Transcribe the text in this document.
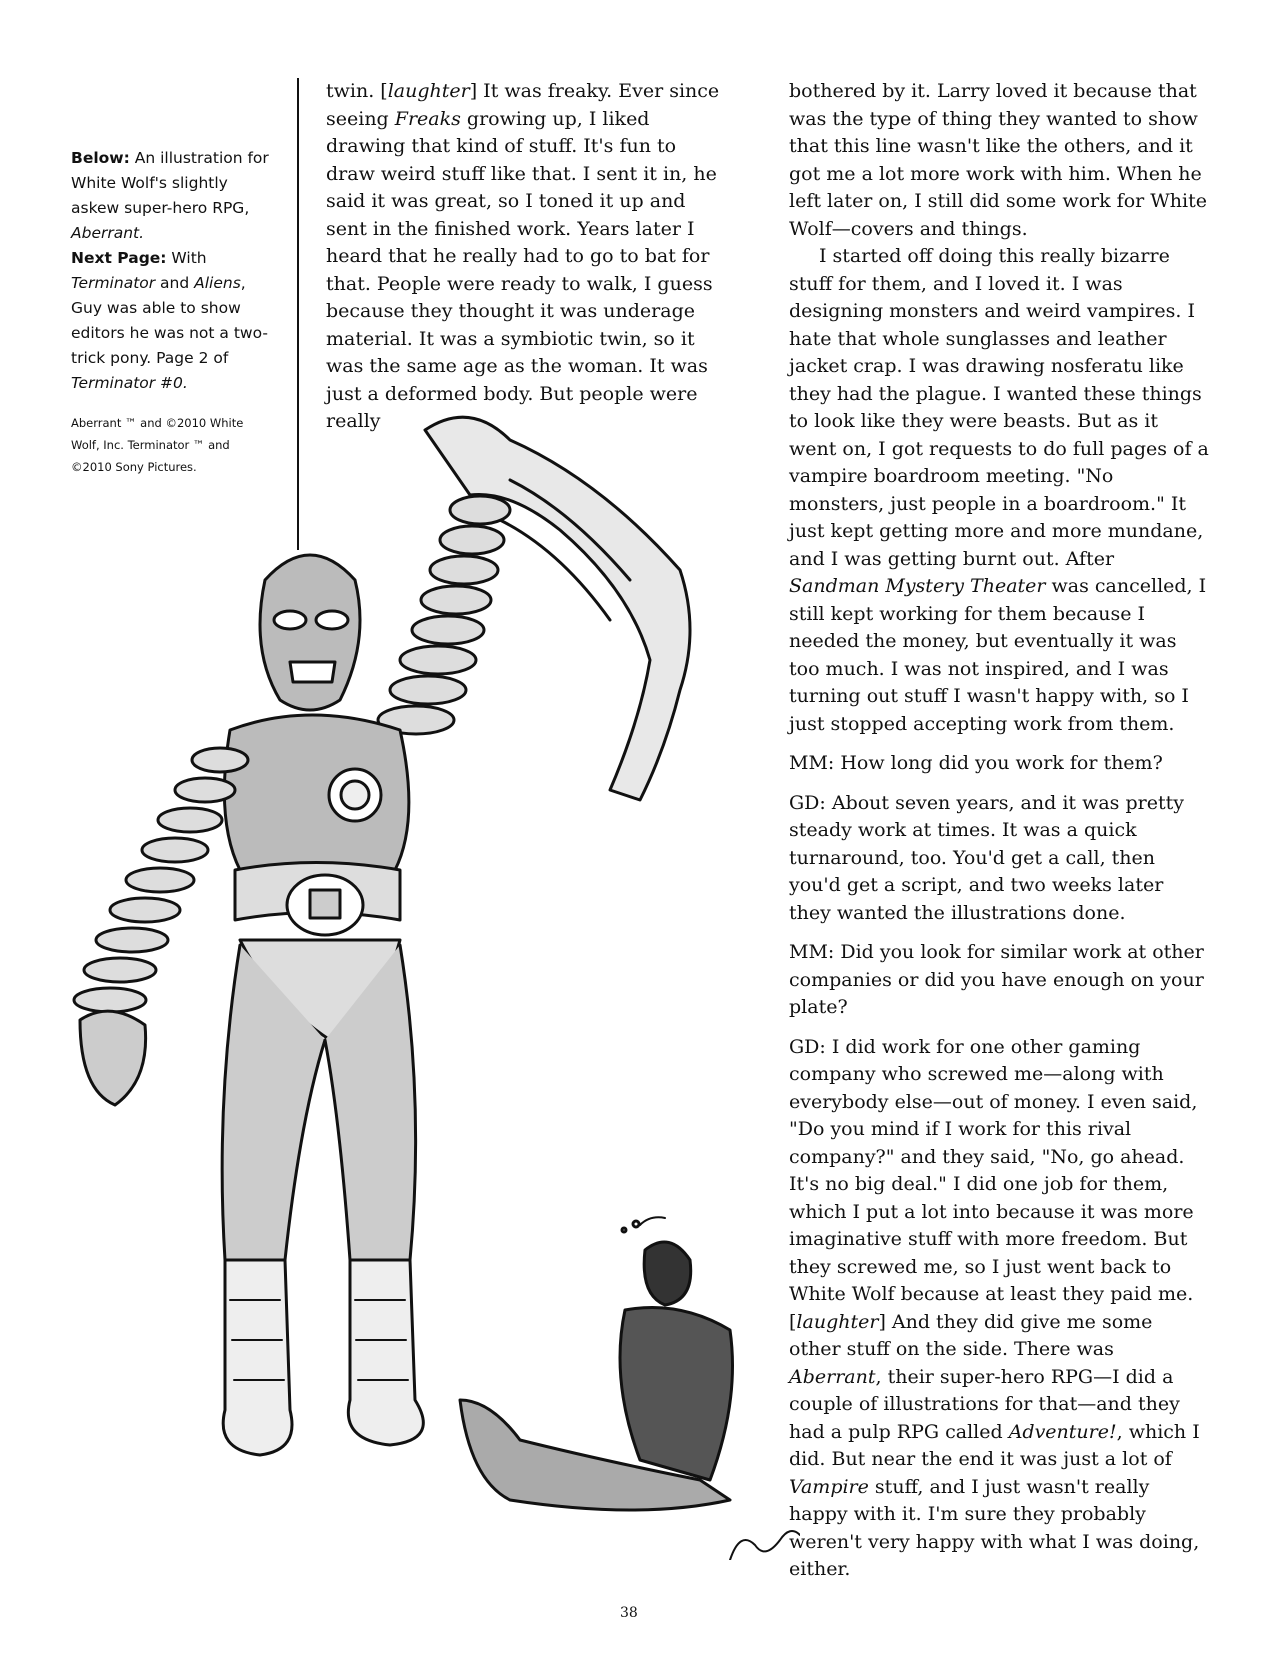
Below: An illustration for White Wolf's slightly askew super-hero RPG, Aberrant.

Next Page: With Terminator and Aliens, Guy was able to show editors he was not a two-trick pony. Page 2 of Terminator #0.

Aberrant ™ and ©2010 White Wolf, Inc. Terminator ™ and ©2010 Sony Pictures.

twin. [laughter] It was freaky. Ever since seeing Freaks growing up, I liked drawing that kind of stuff. It's fun to draw weird stuff like that. I sent it in, he said it was great, so I toned it up and sent in the finished work. Years later I heard that he really had to go to bat for that. People were ready to walk, I guess because they thought it was underage material. It was a symbiotic twin, so it was the same age as the woman. It was just a deformed body. But people were really

bothered by it. Larry loved it because that was the type of thing they wanted to show that this line wasn't like the others, and it got me a lot more work with him. When he left later on, I still did some work for White Wolf—covers and things.

I started off doing this really bizarre stuff for them, and I loved it. I was designing monsters and weird vampires. I hate that whole sunglasses and leather jacket crap. I was drawing nosferatu like they had the plague. I wanted these things to look like they were beasts. But as it went on, I got requests to do full pages of a vampire boardroom meeting. "No monsters, just people in a boardroom." It just kept getting more and more mundane, and I was getting burnt out. After Sandman Mystery Theater was cancelled, I still kept working for them because I needed the money, but eventually it was too much. I was not inspired, and I was turning out stuff I wasn't happy with, so I just stopped accepting work from them.

MM: How long did you work for them?

GD: About seven years, and it was pretty steady work at times. It was a quick turnaround, too. You'd get a call, then you'd get a script, and two weeks later they wanted the illustrations done.

MM: Did you look for similar work at other companies or did you have enough on your plate?

GD: I did work for one other gaming company who screwed me—along with everybody else—out of money. I even said, "Do you mind if I work for this rival company?" and they said, "No, go ahead. It's no big deal." I did one job for them, which I put a lot into because it was more imaginative stuff with more freedom. But they screwed me, so I just went back to White Wolf because at least they paid me. [laughter] And they did give me some other stuff on the side. There was Aberrant, their super-hero RPG—I did a couple of illustrations for that—and they had a pulp RPG called Adventure!, which I did. But near the end it was just a lot of Vampire stuff, and I just wasn't really happy with it. I'm sure they probably weren't very happy with what I was doing, either.

38
